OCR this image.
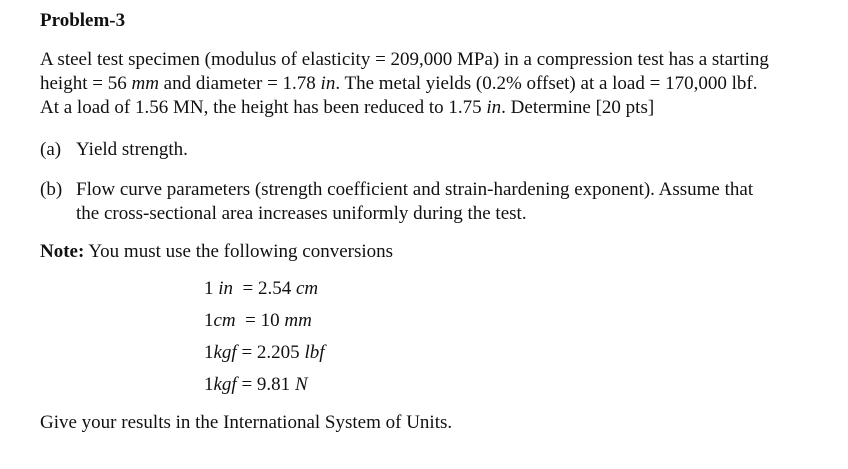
Problem-3

A steel test specimen (modulus of elasticity = 209,000 MPa) in a compression test has a starting
height = 56 mm and diameter = 1.78 in. The metal yields (0.2% offset) at a load = 170,000 lbf.
At a load of 1.56 MN, the height has been reduced to 1.75 in. Determine [20 pts]

(a) Yield strength.

(b) Flow curve parameters (strength coefficient and strain-hardening exponent). Assume that
the cross-sectional area increases uniformly during the test.

Note: You must use the following conversions

1 in  = 2.54 cm
1cm  = 10 mm
1kgf = 2.205 lbf
1kgf = 9.81 N

Give your results in the International System of Units.
